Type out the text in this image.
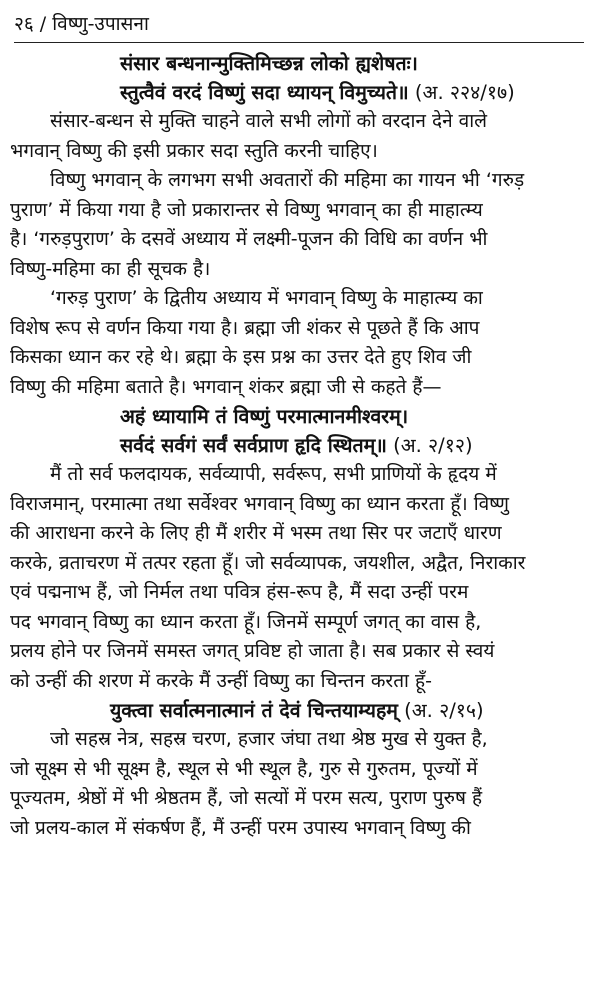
२६ / विष्णु-उपासना

संसार बन्धनान्मुक्तिमिच्छन्न लोको ह्यशेषतः।

स्तुत्वैवं वरदं विष्णुं सदा ध्यायन् विमुच्यते॥ (अ. २२४/१७)

संसार-बन्धन से मुक्ति चाहने वाले सभी लोगों को वरदान देने वाले
भगवान् विष्णु की इसी प्रकार सदा स्तुति करनी चाहिए।
विष्णु भगवान् के लगभग सभी अवतारों की महिमा का गायन भी ‘गरुड़
पुराण’ में किया गया है जो प्रकारान्तर से विष्णु भगवान् का ही माहात्म्य
है। ‘गरुड़पुराण’ के दसवें अध्याय में लक्ष्मी-पूजन की विधि का वर्णन भी
विष्णु-महिमा का ही सूचक है।
‘गरुड़ पुराण’ के द्वितीय अध्याय में भगवान् विष्णु के माहात्म्य का
विशेष रूप से वर्णन किया गया है। ब्रह्मा जी शंकर से पूछते हैं कि आप
किसका ध्यान कर रहे थे। ब्रह्मा के इस प्रश्न का उत्तर देते हुए शिव जी
विष्णु की महिमा बताते है। भगवान् शंकर ब्रह्मा जी से कहते हैं—

अहं ध्यायामि तं विष्णुं परमात्मानमीश्वरम्।

सर्वदं सर्वगं सर्वं सर्वप्राण हृदि स्थितम्॥ (अ. २/१२)

मैं तो सर्व फलदायक, सर्वव्यापी, सर्वरूप, सभी प्राणियों के हृदय में
विराजमान्, परमात्मा तथा सर्वेश्वर भगवान् विष्णु का ध्यान करता हूँ। विष्णु
की आराधना करने के लिए ही मैं शरीर में भस्म तथा सिर पर जटाएँ धारण
करके, व्रताचरण में तत्पर रहता हूँ। जो सर्वव्यापक, जयशील, अद्वैत, निराकार
एवं पद्मनाभ हैं, जो निर्मल तथा पवित्र हंस-रूप है, मैं सदा उन्हीं परम
पद भगवान् विष्णु का ध्यान करता हूँ। जिनमें सम्पूर्ण जगत् का वास है,
प्रलय होने पर जिनमें समस्त जगत् प्रविष्ट हो जाता है। सब प्रकार से स्वयं
को उन्हीं की शरण में करके मैं उन्हीं विष्णु का चिन्तन करता हूँ-

युक्त्वा सर्वात्मनात्मानं तं देवं चिन्तयाम्यहम् (अ. २/१५)

जो सहस्र नेत्र, सहस्र चरण, हजार जंघा तथा श्रेष्ठ मुख से युक्त है,
जो सूक्ष्म से भी सूक्ष्म है, स्थूल से भी स्थूल है, गुरु से गुरुतम, पूज्यों में
पूज्यतम, श्रेष्ठों में भी श्रेष्ठतम हैं, जो सत्यों में परम सत्य, पुराण पुरुष हैं
जो प्रलय-काल में संकर्षण हैं, मैं उन्हीं परम उपास्य भगवान् विष्णु की
